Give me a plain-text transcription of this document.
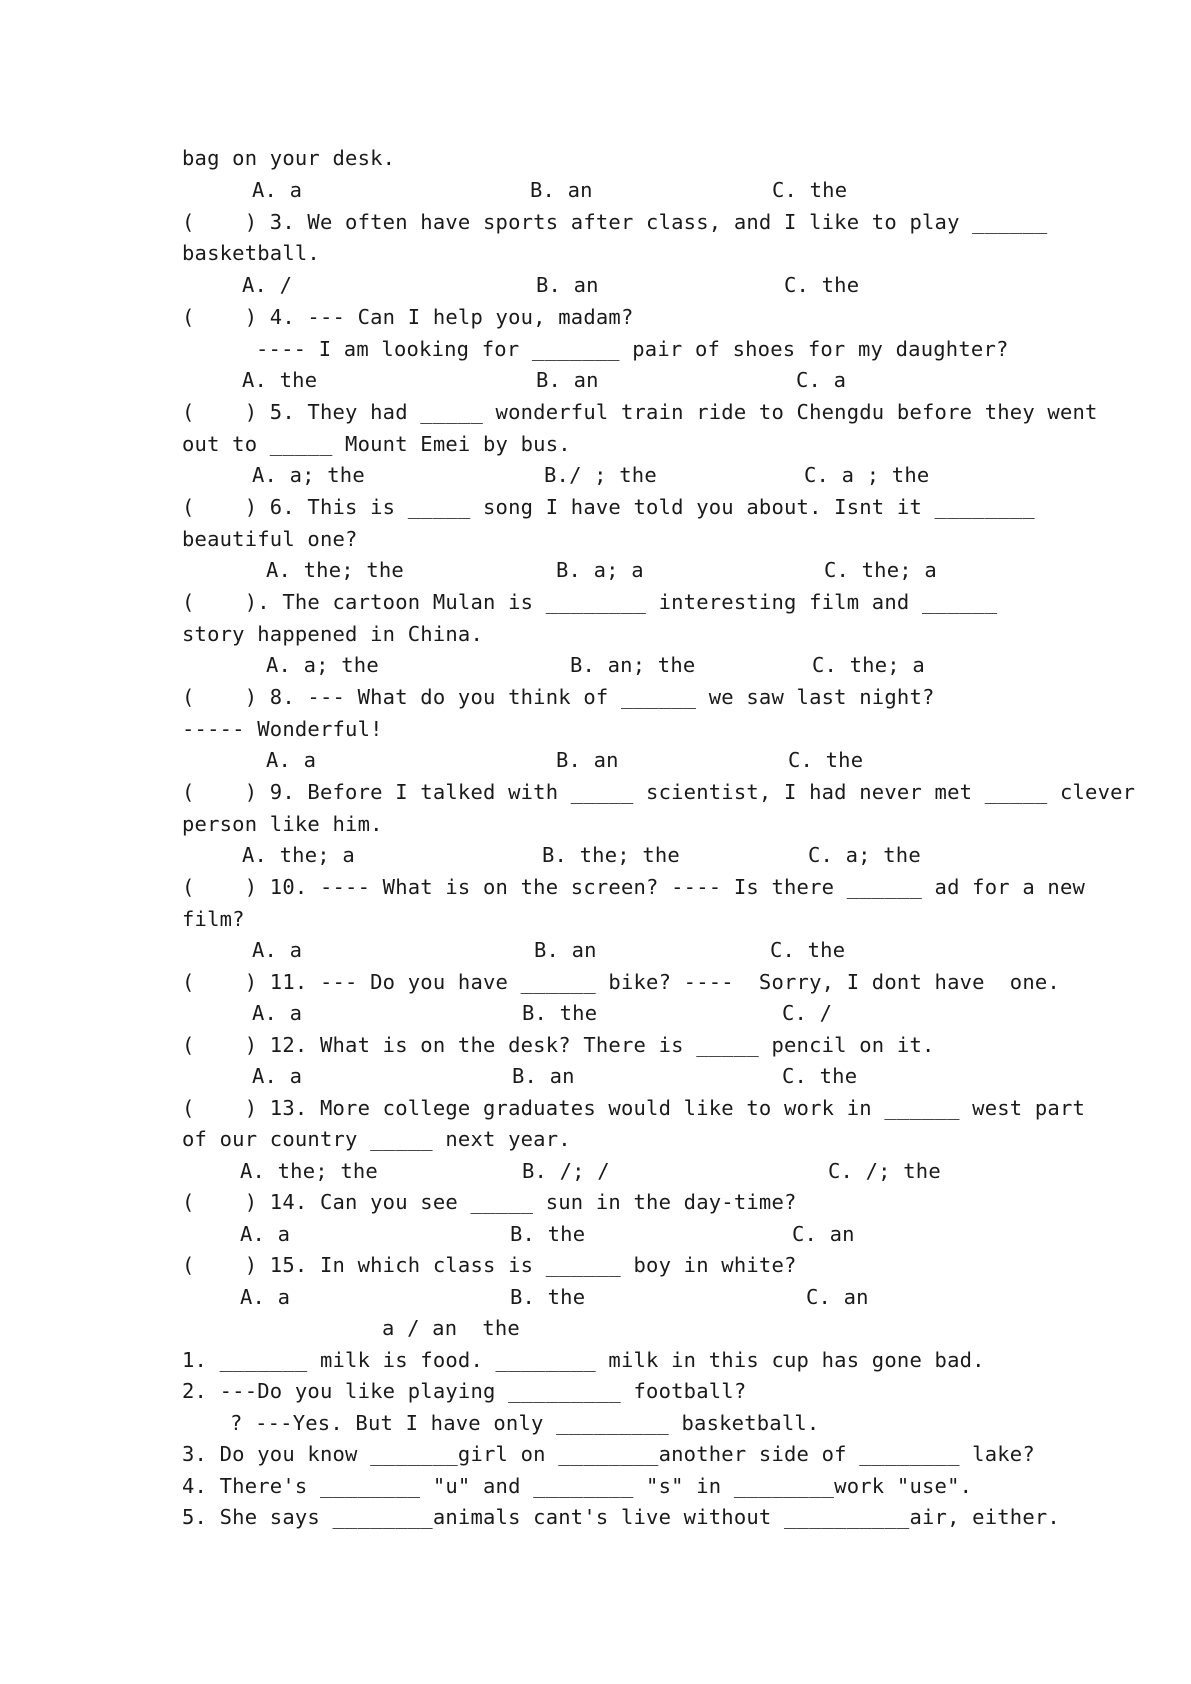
bag on your desk.
A. a	B. an	C. the
(    ) 3. We often have sports after class, and I like to play ______
basketball.
A. /	B. an	C. the
(    ) 4. --- Can I help you, madam?
---- I am looking for _______ pair of shoes for my daughter?
A. the	B. an	C. a
(    ) 5. They had _____ wonderful train ride to Chengdu before they went
out to _____ Mount Emei by bus.
A. a; the	B./ ; the	C. a ; the
(    ) 6. This is _____ song I have told you about. Isnt it ________
beautiful one?
A. the; the	B. a; a	C. the; a
(    ). The cartoon Mulan is ________ interesting film and ______
story happened in China.
A. a; the	B. an; the	C. the; a
(    ) 8. --- What do you think of ______ we saw last night?
----- Wonderful!
A. a	B. an	C. the
(    ) 9. Before I talked with _____ scientist, I had never met _____ clever
person like him.
A. the; a	B. the; the	C. a; the
(    ) 10. ---- What is on the screen? ---- Is there ______ ad for a new
film?
A. a	B. an	C. the
(    ) 11. --- Do you have ______ bike? ----  Sorry, I dont have  one.
A. a	B. the	C. /
(    ) 12. What is on the desk? There is _____ pencil on it.
A. a	B. an	C. the
(    ) 13. More college graduates would like to work in ______ west part
of our country _____ next year.
A. the; the	B. /; /	C. /; the
(    ) 14. Can you see _____ sun in the day-time?
A. a	B. the	C. an
(    ) 15. In which class is ______ boy in white?
A. a	B. the	C. an
a / an  the
1. _______ milk is food. ________ milk in this cup has gone bad.
2. ---Do you like playing _________ football?
? ---Yes. But I have only _________ basketball.
3. Do you know _______girl on ________another side of ________ lake?
4. There's ________ "u" and ________ "s" in ________work "use".
5. She says ________animals cant's live without __________air, either.
